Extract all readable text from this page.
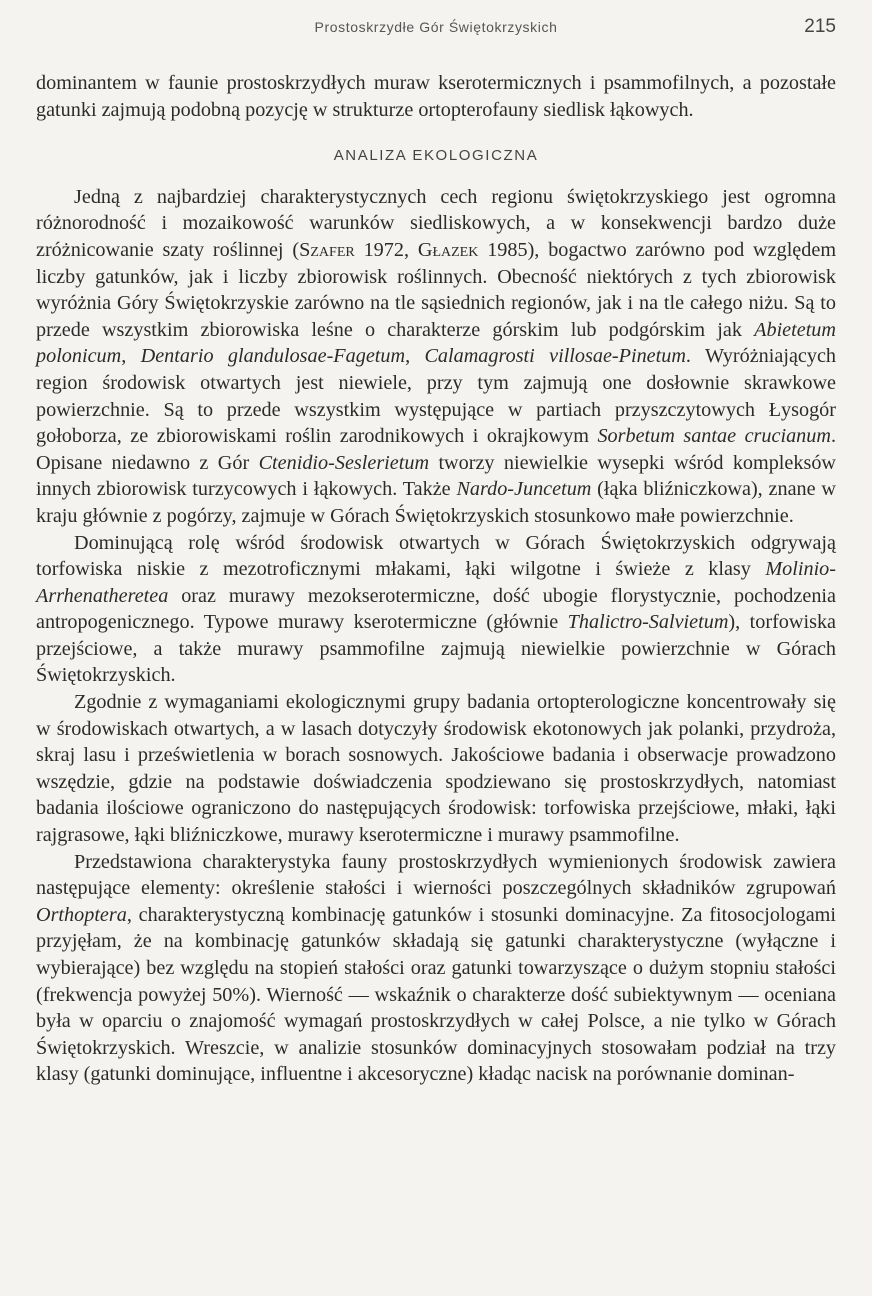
Prostoskrzydłe Gór Świętokrzyskich	215

dominantem w faunie prostoskrzydłych muraw kserotermicznych i psammofilnych, a pozostałe gatunki zajmują podobną pozycję w strukturze ortopterofauny siedlisk łąkowych.

ANALIZA EKOLOGICZNA

Jedną z najbardziej charakterystycznych cech regionu świętokrzyskiego jest ogromna różnorodność i mozaikowość warunków siedliskowych, a w konsekwencji bardzo duże zróżnicowanie szaty roślinnej (Szafer 1972, Głazek 1985), bogactwo zarówno pod względem liczby gatunków, jak i liczby zbiorowisk roślinnych. Obecność niektórych z tych zbiorowisk wyróżnia Góry Świętokrzyskie zarówno na tle sąsiednich regionów, jak i na tle całego niżu. Są to przede wszystkim zbiorowiska leśne o charakterze górskim lub podgórskim jak Abietetum polonicum, Dentario glandulosae-Fagetum, Calamagrosti villosae-Pinetum. Wyróżniających region środowisk otwartych jest niewiele, przy tym zajmują one dosłownie skrawkowe powierzchnie. Są to przede wszystkim występujące w partiach przyszczytowych Łysogór gołoborza, ze zbiorowiskami roślin zarodnikowych i okrajkowym Sorbetum santae crucianum. Opisane niedawno z Gór Ctenidio-Seslerietum tworzy niewielkie wysepki wśród kompleksów innych zbiorowisk turzycowych i łąkowych. Także Nardo-Juncetum (łąka bliźniczkowa), znane w kraju głównie z pogórzy, zajmuje w Górach Świętokrzyskich stosunkowo małe powierzchnie.

Dominującą rolę wśród środowisk otwartych w Górach Świętokrzyskich odgrywają torfowiska niskie z mezotroficznymi młakami, łąki wilgotne i świeże z klasy Molinio-Arrhenatheretea oraz murawy mezokserotermiczne, dość ubogie florystycznie, pochodzenia antropogenicznego. Typowe murawy kserotermiczne (głównie Thalictro-Salvietum), torfowiska przejściowe, a także murawy psammofilne zajmują niewielkie powierzchnie w Górach Świętokrzyskich.

Zgodnie z wymaganiami ekologicznymi grupy badania ortopterologiczne koncentrowały się w środowiskach otwartych, a w lasach dotyczyły środowisk ekotonowych jak polanki, przydroża, skraj lasu i prześwietlenia w borach sosnowych. Jakościowe badania i obserwacje prowadzono wszędzie, gdzie na podstawie doświadczenia spodziewano się prostoskrzydłych, natomiast badania ilościowe ograniczono do następujących środowisk: torfowiska przejściowe, młaki, łąki rajgrasowe, łąki bliźniczkowe, murawy kserotermiczne i murawy psammofilne.

Przedstawiona charakterystyka fauny prostoskrzydłych wymienionych środowisk zawiera następujące elementy: określenie stałości i wierności poszczególnych składników zgrupowań Orthoptera, charakterystyczną kombinację gatunków i stosunki dominacyjne. Za fitosocjologami przyjęłam, że na kombinację gatunków składają się gatunki charakterystyczne (wyłączne i wybierające) bez względu na stopień stałości oraz gatunki towarzyszące o dużym stopniu stałości (frekwencja powyżej 50%). Wierność — wskaźnik o charakterze dość subiektywnym — oceniana była w oparciu o znajomość wymagań prostoskrzydłych w całej Polsce, a nie tylko w Górach Świętokrzyskich. Wreszcie, w analizie stosunków dominacyjnych stosowałam podział na trzy klasy (gatunki dominujące, influentne i akcesoryczne) kładąc nacisk na porównanie dominan-
